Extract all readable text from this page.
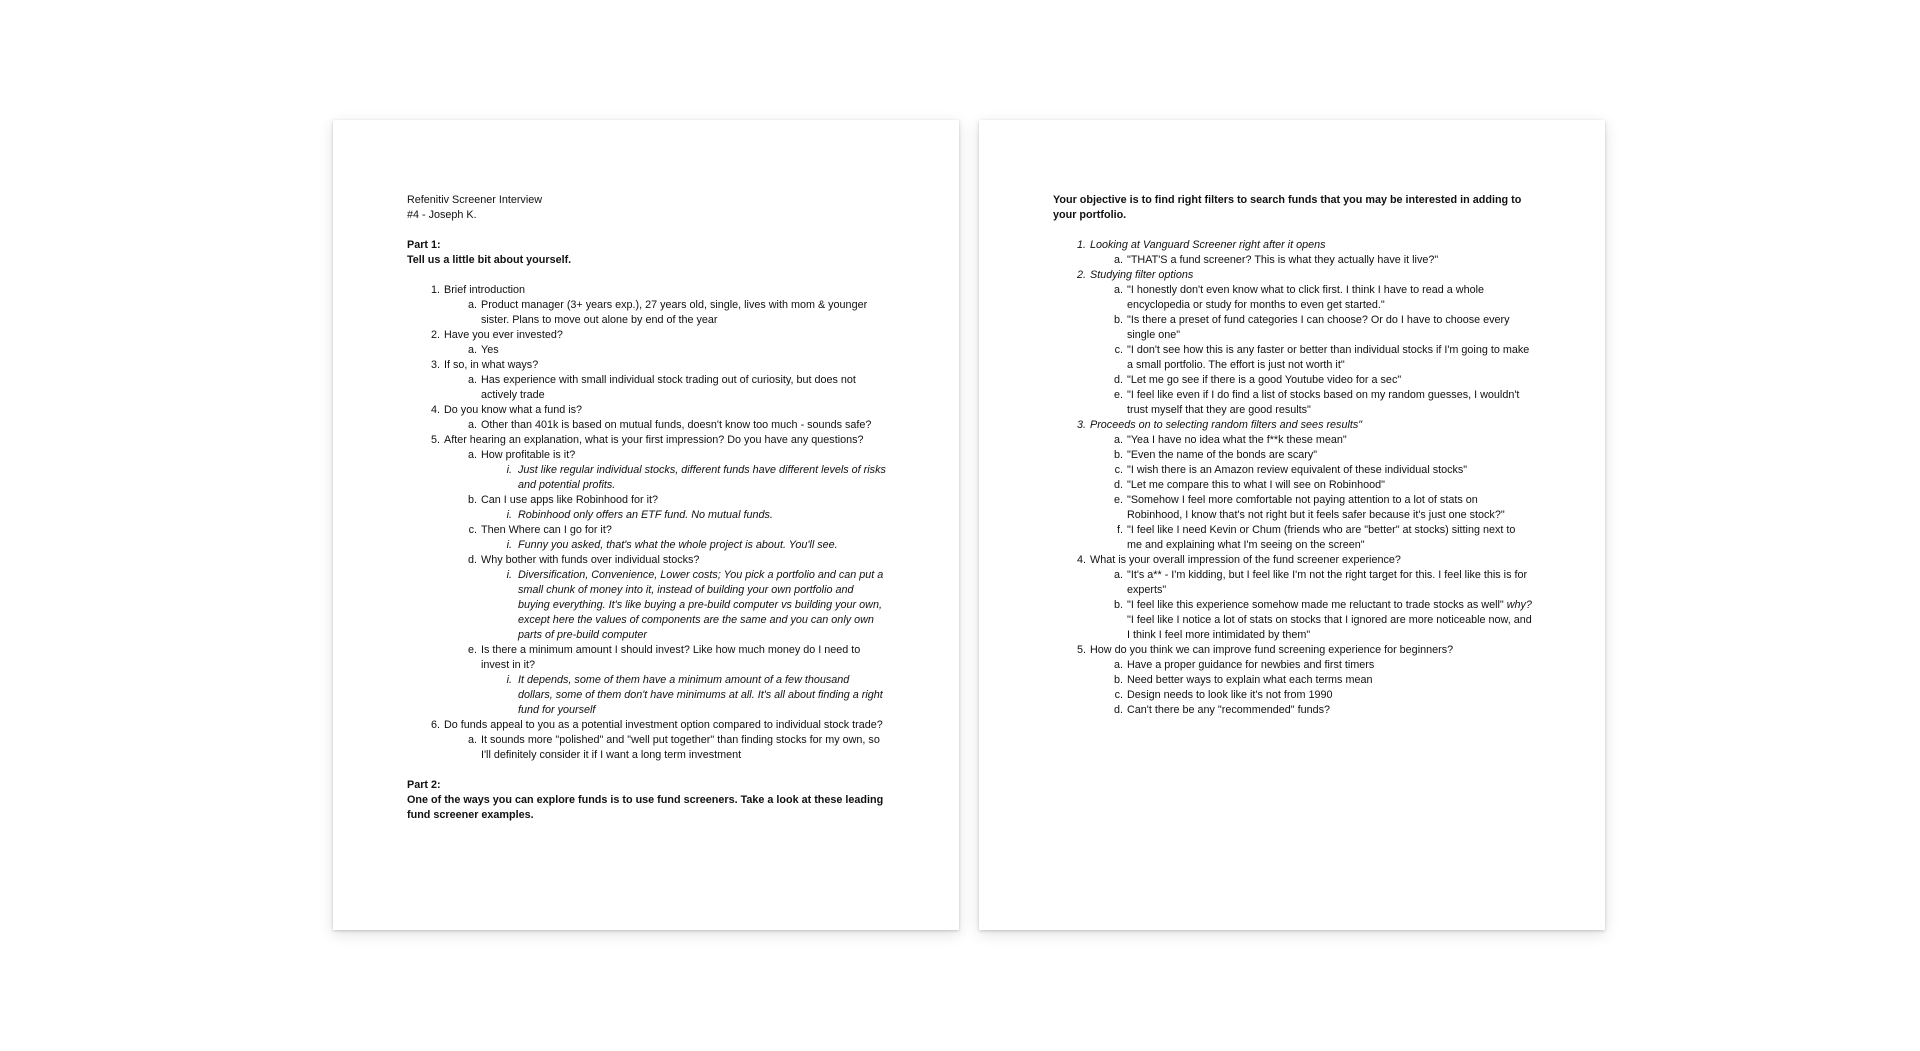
Refenitiv Screener Interview

#4 - Joseph K.

Part 1:

Tell us a little bit about yourself.

1. Brief introduction
a. Product manager (3+ years exp.), 27 years old, single, lives with mom & younger sister. Plans to move out alone by end of the year
2. Have you ever invested?
a. Yes
3. If so, in what ways?
a. Has experience with small individual stock trading out of curiosity, but does not actively trade
4. Do you know what a fund is?
a. Other than 401k is based on mutual funds, doesn't know too much - sounds safe?
5. After hearing an explanation, what is your first impression? Do you have any questions?
a. How profitable is it?
i. Just like regular individual stocks, different funds have different levels of risks and potential profits.
b. Can I use apps like Robinhood for it?
i. Robinhood only offers an ETF fund. No mutual funds.
c. Then Where can I go for it?
i. Funny you asked, that's what the whole project is about. You'll see.
d. Why bother with funds over individual stocks?
i. Diversification, Convenience, Lower costs; You pick a portfolio and can put a small chunk of money into it, instead of building your own portfolio and buying everything. It's like buying a pre-build computer vs building your own, except here the values of components are the same and you can only own parts of pre-build computer
e. Is there a minimum amount I should invest? Like how much money do I need to invest in it?
i. It depends, some of them have a minimum amount of a few thousand dollars, some of them don't have minimums at all. It's all about finding a right fund for yourself
6. Do funds appeal to you as a potential investment option compared to individual stock trade?
a. It sounds more "polished" and "well put together" than finding stocks for my own, so I'll definitely consider it if I want a long term investment

Part 2:

One of the ways you can explore funds is to use fund screeners. Take a look at these leading fund screener examples.

Your objective is to find right filters to search funds that you may be interested in adding to your portfolio.

1. Looking at Vanguard Screener right after it opens
a. "THAT'S a fund screener? This is what they actually have it live?"
2. Studying filter options
a. "I honestly don't even know what to click first. I think I have to read a whole encyclopedia or study for months to even get started."
b. "Is there a preset of fund categories I can choose? Or do I have to choose every single one"
c. "I don't see how this is any faster or better than individual stocks if I'm going to make a small portfolio. The effort is just not worth it"
d. "Let me go see if there is a good Youtube video for a sec"
e. "I feel like even if I do find a list of stocks based on my random guesses, I wouldn't trust myself that they are good results"
3. Proceeds on to selecting random filters and sees results"
a. "Yea I have no idea what the f**k these mean"
b. "Even the name of the bonds are scary"
c. "I wish there is an Amazon review equivalent of these individual stocks"
d. "Let me compare this to what I will see on Robinhood"
e. "Somehow I feel more comfortable not paying attention to a lot of stats on Robinhood, I know that's not right but it feels safer because it's just one stock?"
f. "I feel like I need Kevin or Chum (friends who are "better" at stocks) sitting next to me and explaining what I'm seeing on the screen"
4. What is your overall impression of the fund screener experience?
a. "It's a** - I'm kidding, but I feel like I'm not the right target for this. I feel like this is for experts"
b. "I feel like this experience somehow made me reluctant to trade stocks as well" why? "I feel like I notice a lot of stats on stocks that I ignored are more noticeable now, and I think I feel more intimidated by them"
5. How do you think we can improve fund screening experience for beginners?
a. Have a proper guidance for newbies and first timers
b. Need better ways to explain what each terms mean
c. Design needs to look like it's not from 1990
d. Can't there be any "recommended" funds?
